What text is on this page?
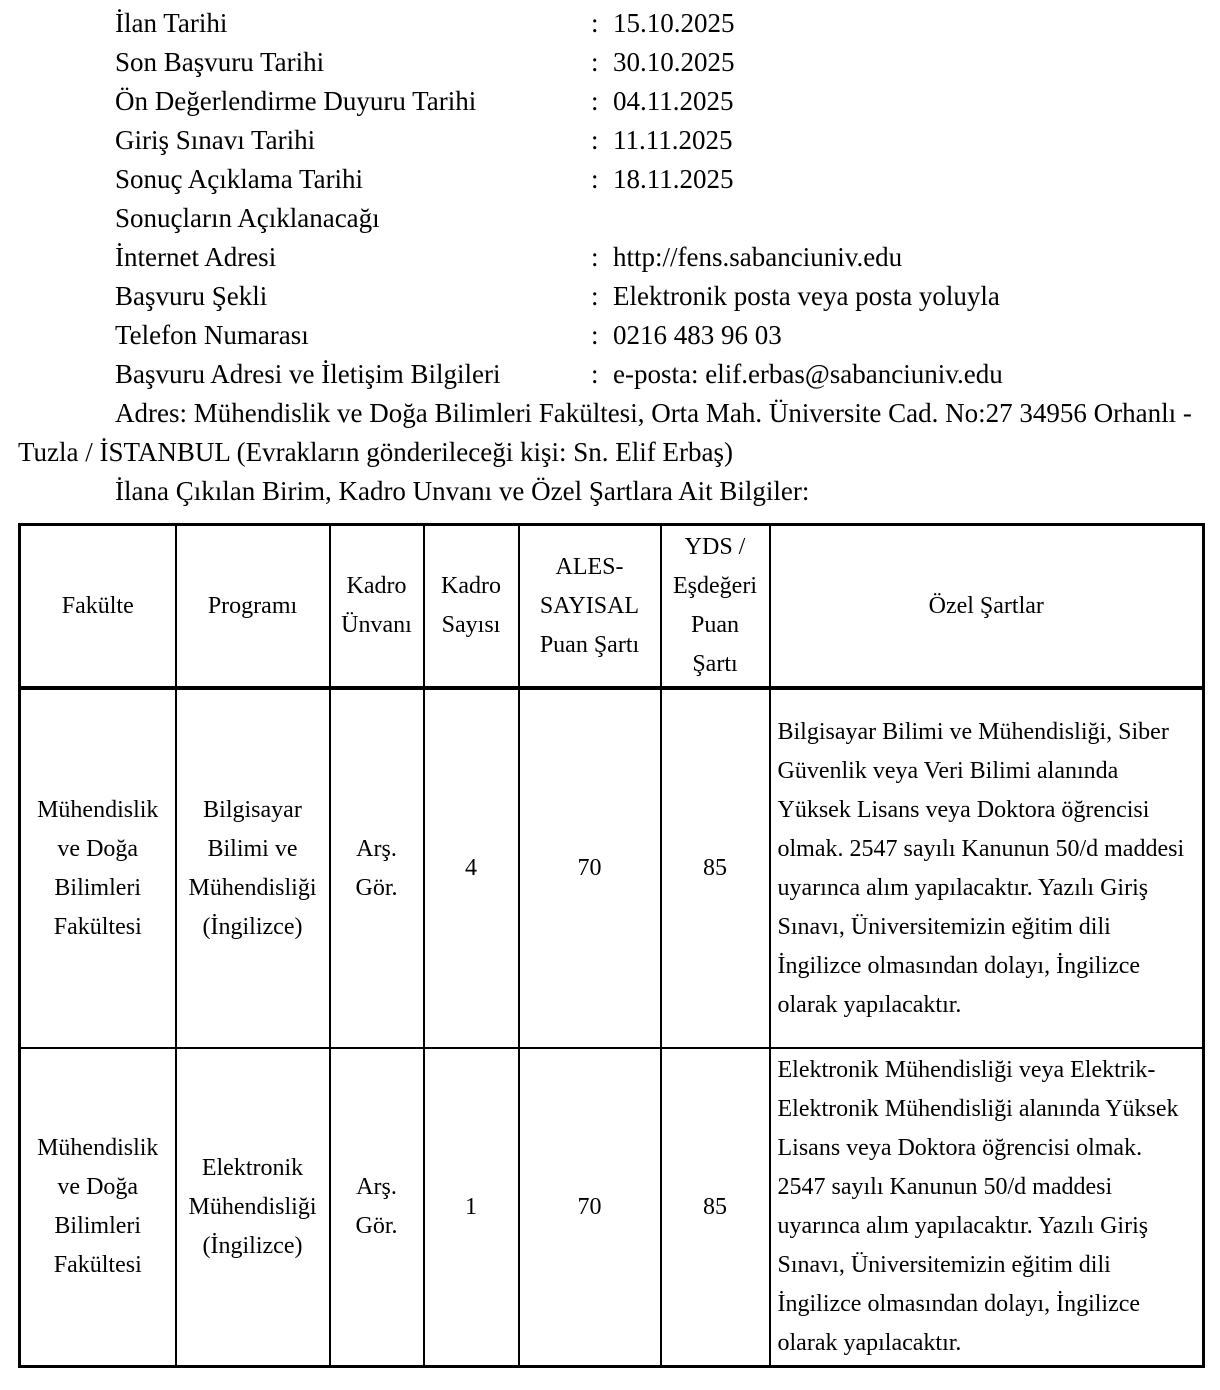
İlan Tarihi	: 15.10.2025
Son Başvuru Tarihi	: 30.10.2025
Ön Değerlendirme Duyuru Tarihi	: 04.11.2025
Giriş Sınavı Tarihi	: 11.11.2025
Sonuç Açıklama Tarihi	: 18.11.2025
Sonuçların Açıklanacağı
İnternet Adresi	: http://fens.sabanciuniv.edu
Başvuru Şekli	: Elektronik posta veya posta yoluyla
Telefon Numarası	: 0216 483 96 03
Başvuru Adresi ve İletişim Bilgileri	: e-posta: elif.erbas@sabanciuniv.edu

Adres: Mühendislik ve Doğa Bilimleri Fakültesi, Orta Mah. Üniversite Cad. No:27 34956 Orhanlı - Tuzla / İSTANBUL (Evrakların gönderileceği kişi: Sn. Elif Erbaş)

İlana Çıkılan Birim, Kadro Unvanı ve Özel Şartlara Ait Bilgiler:

Fakülte	Programı	Kadro Ünvanı	Kadro Sayısı	ALES-SAYISAL Puan Şartı	YDS / Eşdeğeri Puan Şartı	Özel Şartlar
Mühendislik ve Doğa Bilimleri Fakültesi	Bilgisayar Bilimi ve Mühendisliği (İngilizce)	Arş. Gör.	4	70	85	Bilgisayar Bilimi ve Mühendisliği, Siber Güvenlik veya Veri Bilimi alanında Yüksek Lisans veya Doktora öğrencisi olmak. 2547 sayılı Kanunun 50/d maddesi uyarınca alım yapılacaktır. Yazılı Giriş Sınavı, Üniversitemizin eğitim dili İngilizce olmasından dolayı, İngilizce olarak yapılacaktır.
Mühendislik ve Doğa Bilimleri Fakültesi	Elektronik Mühendisliği (İngilizce)	Arş. Gör.	1	70	85	Elektronik Mühendisliği veya Elektrik-Elektronik Mühendisliği alanında Yüksek Lisans veya Doktora öğrencisi olmak. 2547 sayılı Kanunun 50/d maddesi uyarınca alım yapılacaktır. Yazılı Giriş Sınavı, Üniversitemizin eğitim dili İngilizce olmasından dolayı, İngilizce olarak yapılacaktır.
